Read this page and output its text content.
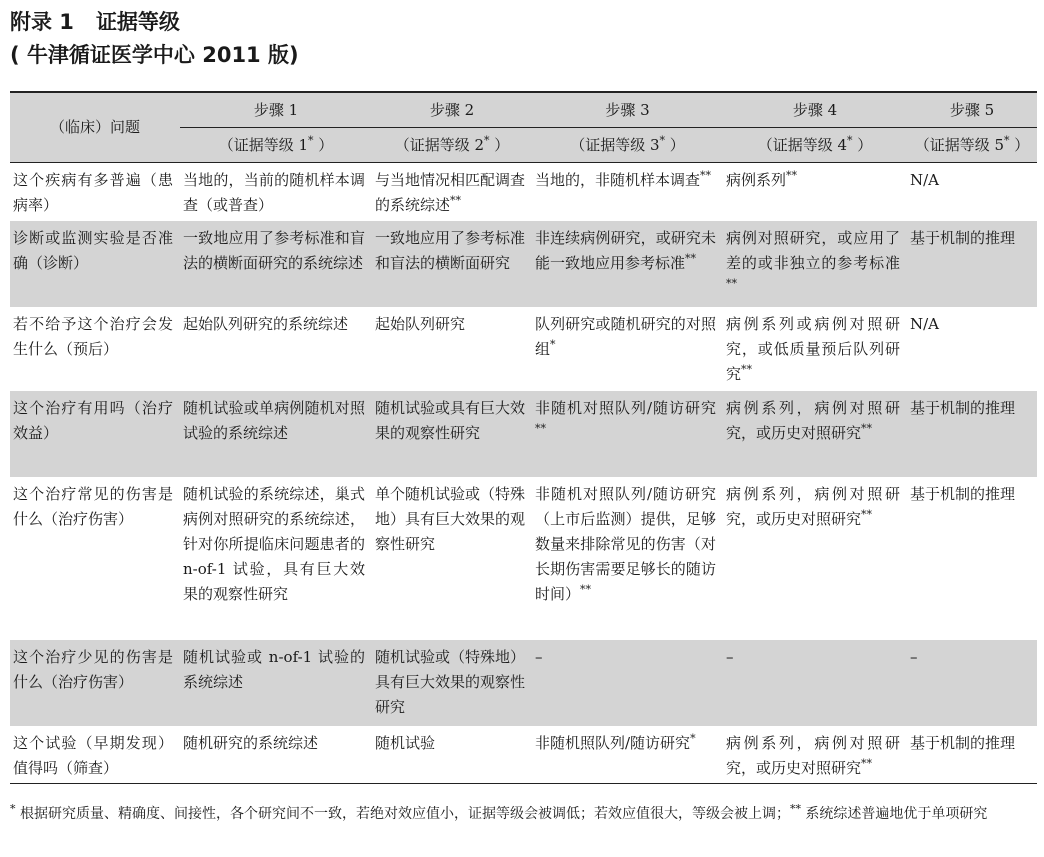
附录 1 证据等级
( 牛津循证医学中心 2011 版)
（临床）问题	步骤 1	步骤 2	步骤 3	步骤 4	步骤 5
	（证据等级 1* ）	（证据等级 2* ）	（证据等级 3* ）	（证据等级 4* ）	（证据等级 5* ）
这个疾病有多普遍（患病率）	当地的，当前的随机样本调查（或普查）	与当地情况相匹配调查的系统综述**	当地的，非随机样本调查**	病例系列**	N/A
诊断或监测实验是否准确（诊断）	一致地应用了参考标准和盲法的横断面研究的系统综述	一致地应用了参考标准和盲法的横断面研究	非连续病例研究，或研究未能一致地应用参考标准**	病例对照研究，或应用了差的或非独立的参考标准**	基于机制的推理
若不给予这个治疗会发生什么（预后）	起始队列研究的系统综述	起始队列研究	队列研究或随机研究的对照组*	病例系列或病例对照研究，或低质量预后队列研究**	N/A
这个治疗有用吗（治疗效益）	随机试验或单病例随机对照试验的系统综述	随机试验或具有巨大效果的观察性研究	非随机对照队列/随访研究**	病例系列，病例对照研究，或历史对照研究**	基于机制的推理
这个治疗常见的伤害是什么（治疗伤害）	随机试验的系统综述，巢式病例对照研究的系统综述，针对你所提临床问题患者的 n-of-1 试验，具有巨大效果的观察性研究	单个随机试验或（特殊地）具有巨大效果的观察性研究	非随机对照队列/随访研究（上市后监测）提供，足够数量来排除常见的伤害（对长期伤害需要足够长的随访时间）**	病例系列，病例对照研究，或历史对照研究**	基于机制的推理
这个治疗少见的伤害是什么（治疗伤害）	随机试验或 n-of-1 试验的系统综述	随机试验或（特殊地）具有巨大效果的观察性研究	–	–	–
这个试验（早期发现）值得吗（筛查）	随机研究的系统综述	随机试验	非随机照队列/随访研究*	病例系列，病例对照研究，或历史对照研究**	基于机制的推理
* 根据研究质量、精确度、间接性，各个研究间不一致，若绝对效应值小，证据等级会被调低；若效应值很大，等级会被上调；** 系统综述普遍地优于单项研究
